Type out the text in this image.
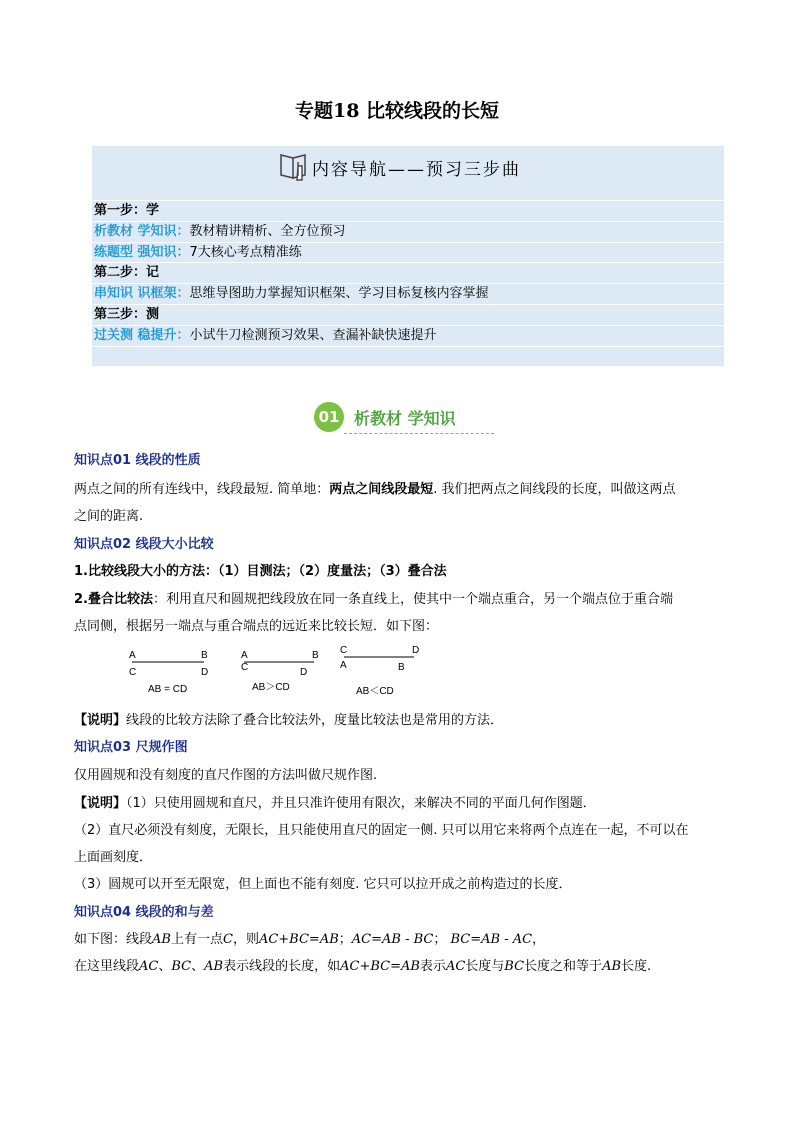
专题18 比较线段的长短
内容导航——预习三步曲
第一步：学
析教材 学知识：教材精讲精析、全方位预习
练题型 强知识：7大核心考点精准练
第二步：记
串知识 识框架：思维导图助力掌握知识框架、学习目标复核内容掌握
第三步：测
过关测 稳提升：小试牛刀检测预习效果、查漏补缺快速提升
01 析教材 学知识
知识点01 线段的性质
两点之间的所有连线中，线段最短. 简单地：两点之间线段最短. 我们把两点之间线段的长度，叫做这两点
之间的距离.
知识点02 线段大小比较
1.比较线段大小的方法：（1）目测法；（2）度量法；（3）叠合法
2.叠合比较法：利用直尺和圆规把线段放在同一条直线上，使其中一个端点重合，另一个端点位于重合端
点同侧，根据另一端点与重合端点的远近来比较长短．如下图：
A	B
C	D
AB = CD
A	B
C	D
AB＞CD
C	D
A	B
AB＜CD
【说明】线段的比较方法除了叠合比较法外，度量比较法也是常用的方法．
知识点03 尺规作图
仅用圆规和没有刻度的直尺作图的方法叫做尺规作图.
【说明】（1）只使用圆规和直尺，并且只准许使用有限次，来解决不同的平面几何作图题．
（2）直尺必须没有刻度，无限长，且只能使用直尺的固定一侧. 只可以用它来将两个点连在一起，不可以在
上面画刻度．
（3）圆规可以开至无限宽，但上面也不能有刻度. 它只可以拉开成之前构造过的长度．
知识点04 线段的和与差
如下图：线段AB上有一点C，则AC+BC=AB；AC=AB - BC； BC=AB - AC，
在这里线段AC、BC、AB表示线段的长度，如AC+BC=AB表示AC长度与BC长度之和等于AB长度.
